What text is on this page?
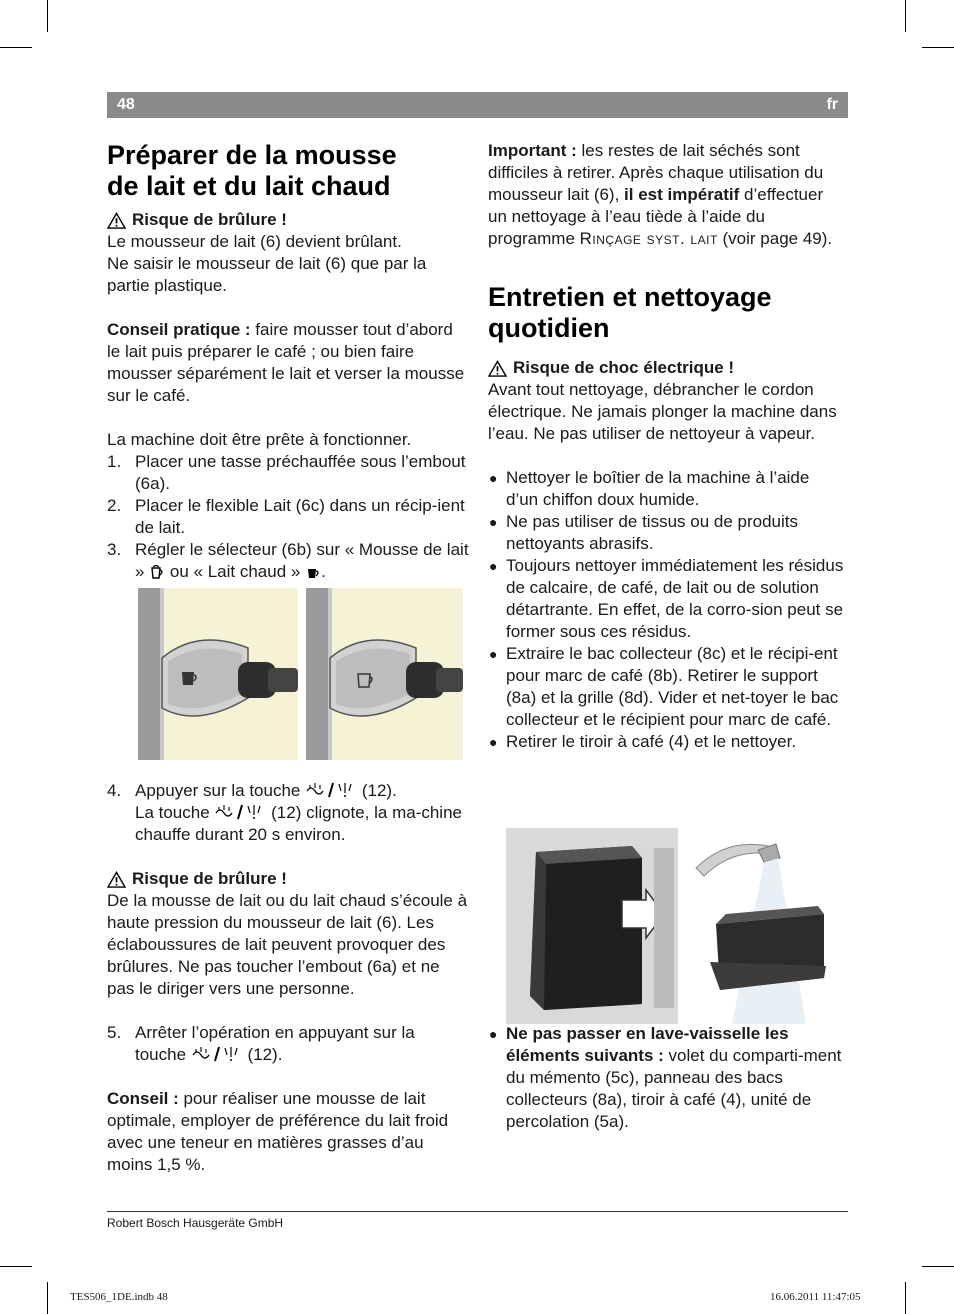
48	fr
Préparer de la mousse
de lait et du lait chaud
Risque de brûlure !

Le mousseur de lait (6) devient brûlant.

Ne saisir le mousseur de lait (6) que par la partie plastique.

Conseil pratique : faire mousser tout d’abord le lait puis préparer le café ; ou bien faire mousser séparément le lait et verser la mousse sur le café.

La machine doit être prête à fonctionner.

1. Placer une tasse préchauffée sous l’embout (6a).
2. Placer le flexible Lait (6c) dans un récip-ient de lait.
3. Régler le sélecteur (6b) sur « Mousse de lait »  ou « Lait chaud » .
4. Appuyer sur la touche	(12).
La touche	(12) clignote, la ma-chine chauffe durant 20 s environ.
Risque de brûlure !

De la mousse de lait ou du lait chaud s’écoule à haute pression du mousseur de lait (6). Les éclaboussures de lait peuvent provoquer des brûlures. Ne pas toucher l’embout (6a) et ne pas le diriger vers une personne.

5. Arrêter l’opération en appuyant sur la touche	(12).

Conseil : pour réaliser une mousse de lait optimale, employer de préférence du lait froid avec une teneur en matières grasses d’au moins 1,5 %.

Important : les restes de lait séchés sont difficiles à retirer. Après chaque utilisation du mousseur lait (6), il est impératif d’effectuer un nettoyage à l’eau tiède à l’aide du programme Rinçage syst. lait (voir page 49).

Entretien et nettoyage
quotidien
Risque de choc électrique !

Avant tout nettoyage, débrancher le cordon électrique. Ne jamais plonger la machine dans l’eau. Ne pas utiliser de nettoyeur à vapeur.

● Nettoyer le boîtier de la machine à l’aide d’un chiffon doux humide.
● Ne pas utiliser de tissus ou de produits nettoyants abrasifs.
● Toujours nettoyer immédiatement les résidus de calcaire, de café, de lait ou de solution détartrante. En effet, de la corro-sion peut se former sous ces résidus.
● Extraire le bac collecteur (8c) et le récipi-ent pour marc de café (8b). Retirer le support (8a) et la grille (8d). Vider et net-toyer le bac collecteur et le récipient pour marc de café.
● Retirer le tiroir à café (4) et le nettoyer.
● Ne pas passer en lave-vaisselle les éléments suivants : volet du comparti-ment du mémento (5c), panneau des bacs collecteurs (8a), tiroir à café (4), unité de percolation (5a).
Robert Bosch Hausgeräte GmbH
TES506_1DE.indb 48	16.06.2011 11:47:05
